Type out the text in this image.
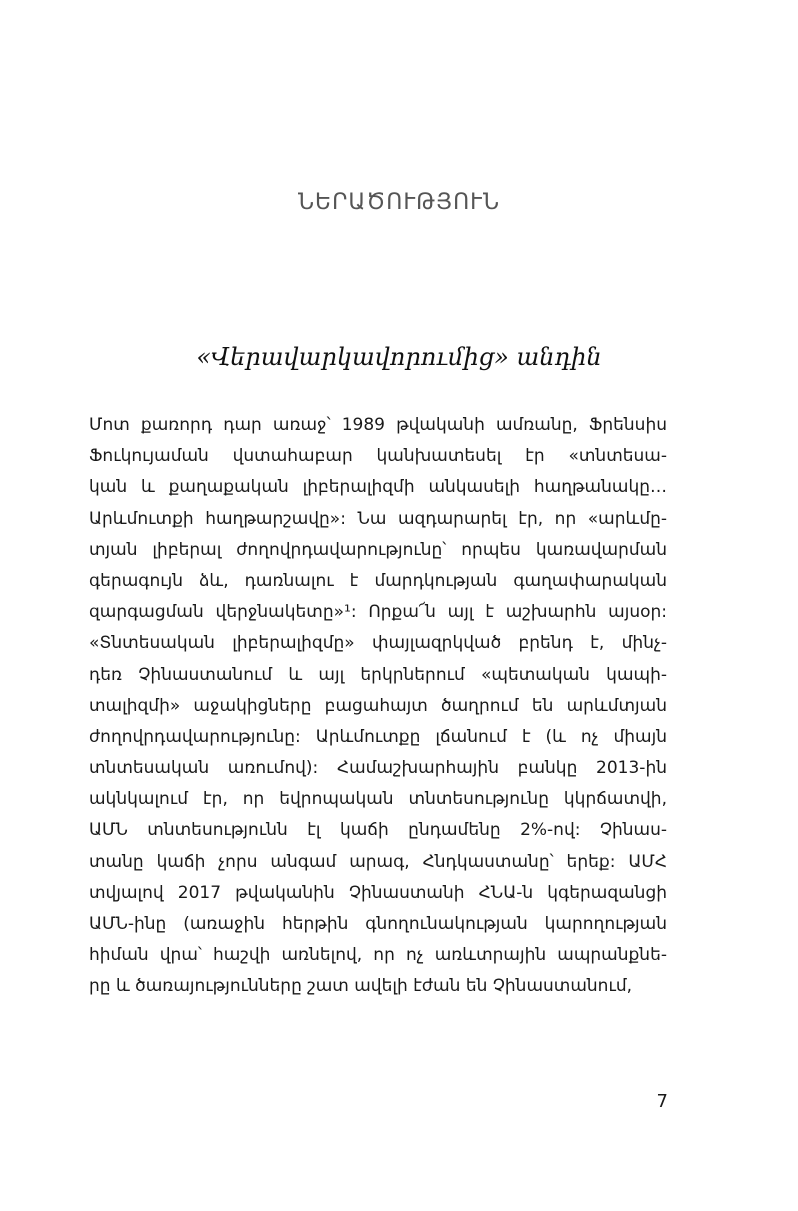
ՆԵՐԱԾՈՒԹՅՈՒՆ
«Վերավարկավորումից» անդին
Մոտ քառորդ դար առաջ՝ 1989 թվականի ամռանը, Ֆրենսիս
Ֆուկույաման վստահաբար կանխատեսել էր «տնտեսա-
կան և քաղաքական լիբերալիզմի անկասելի հաղթանակը…
Արևմուտքի հաղթարշավը»: Նա ազդարարել էր, որ «արևմը-
տյան լիբերալ ժողովրդավարությունը՝ որպես կառավարման
գերագույն ձև, դառնալու է մարդկության գաղափարական
զարգացման վերջնակետը»¹: Որքա՜ն այլ է աշխարհն այսօր:
«Տնտեսական լիբերալիզմը» փայլազրկված բրենդ է, մինչ-
դեռ Չինաստանում և այլ երկրներում «պետական կապի-
տալիզմի» աջակիցները բացահայտ ծաղրում են արևմտյան
ժողովրդավարությունը: Արևմուտքը լճանում է (և ոչ միայն
տնտեսական առումով): Համաշխարհային բանկը 2013-ին
ակնկալում էր, որ եվրոպական տնտեսությունը կկրճատվի,
ԱՄՆ տնտեսությունն էլ կաճի ընդամենը 2%-ով: Չինաս-
տանը կաճի չորս անգամ արագ, Հնդկաստանը՝ երեք: ԱՄՀ
տվյալով 2017 թվականին Չինաստանի ՀՆԱ-ն կգերազանցի
ԱՄՆ-ինը (առաջին հերթին գնողունակության կարողության
հիման վրա՝ հաշվի առնելով, որ ոչ առևտրային ապրանքնե-
րը և ծառայությունները շատ ավելի էժան են Չինաստանում,
7
